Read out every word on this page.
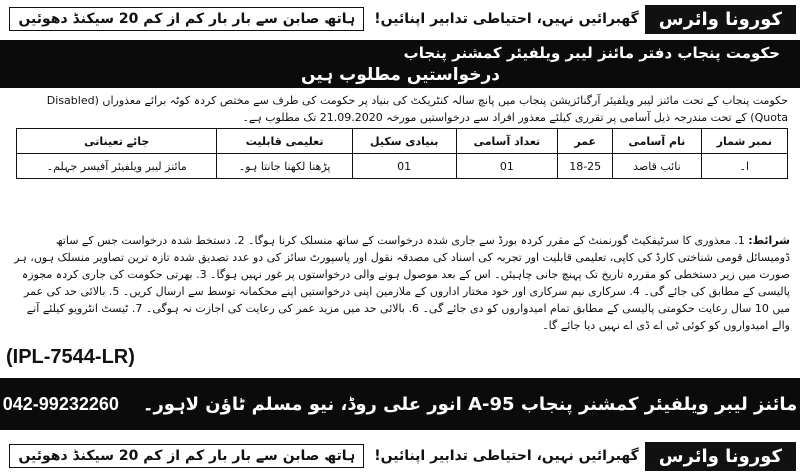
کورونا وائرس
گھبرائیں نہیں، احتیاطی تدابیر اپنائیں!
ہاتھ صابن سے بار بار کم از کم 20 سیکنڈ دھوئیں
حکومت پنجاب دفتر مائنز لیبر ویلفیئر کمشنر پنجاب
درخواستیں مطلوب ہیں
حکومت پنجاب کے تحت مائنز لیبر ویلفیئر آرگنائزیشن پنجاب میں پانچ سالہ کنٹریکٹ کی بنیاد پر حکومت کی طرف سے مختص کردہ کوٹہ برائے معذوراں (Disabled Quota) کے تحت مندرجہ ذیل آسامی پر تقرری کیلئے معذور افراد سے درخواستیں مورخہ 21.09.2020 تک مطلوب ہے۔
نمبر شمار	نام آسامی	عمر	تعداد آسامی	بنیادی سکیل	تعلیمی قابلیت	جائے تعیناتی
ا۔	نائب قاصد	18-25	01	01	پڑھنا لکھنا جانتا ہو۔	مائنز لیبر ویلفیئر آفیسر جہلم۔
شرائط: 1. معذوری کا سرٹیفکیٹ گورنمنٹ کے مقرر کردہ بورڈ سے جاری شدہ درخواست کے ساتھ منسلک کرنا ہوگا۔ 2. دستخط شدہ درخواست جس کے ساتھ ڈومیسائل قومی شناختی کارڈ کی کاپی، تعلیمی قابلیت اور تجربہ کی اسناد کی مصدقہ نقول اور پاسپورٹ سائز کی دو عدد تصدیق شدہ تازہ ترین تصاویر منسلک ہوں، ہر صورت میں زیر دستخطی کو مقررہ تاریخ تک پہنچ جانی چاہیئں۔ اس کے بعد موصول ہونے والی درخواستوں پر غور نہیں ہوگا۔ 3. بھرتی حکومت کی جاری کردہ مجوزہ پالیسی کے مطابق کی جائے گی۔ 4. سرکاری نیم سرکاری اور خود مختار اداروں کے ملازمین اپنی درخواستیں اپنے محکمانہ توسط سے ارسال کریں۔ 5. بالائی حد کی عمر میں 10 سال رعایت حکومتی پالیسی کے مطابق تمام امیدواروں کو دی جائے گی۔ 6. بالائی حد میں مزید عمر کی رعایت کی اجازت نہ ہوگی۔ 7. ٹیسٹ انٹرویو کیلئے آنے والے امیدواروں کو کوئی ٹی اے ڈی اے نہیں دیا جائے گا۔
(IPL-7544-LR)
مائنز لیبر ویلفیئر کمشنر پنجاب A-95 انور علی روڈ، نیو مسلم ٹاؤن لاہور۔
042-99232260
کورونا وائرس
گھبرائیں نہیں، احتیاطی تدابیر اپنائیں!
ہاتھ صابن سے بار بار کم از کم 20 سیکنڈ دھوئیں
